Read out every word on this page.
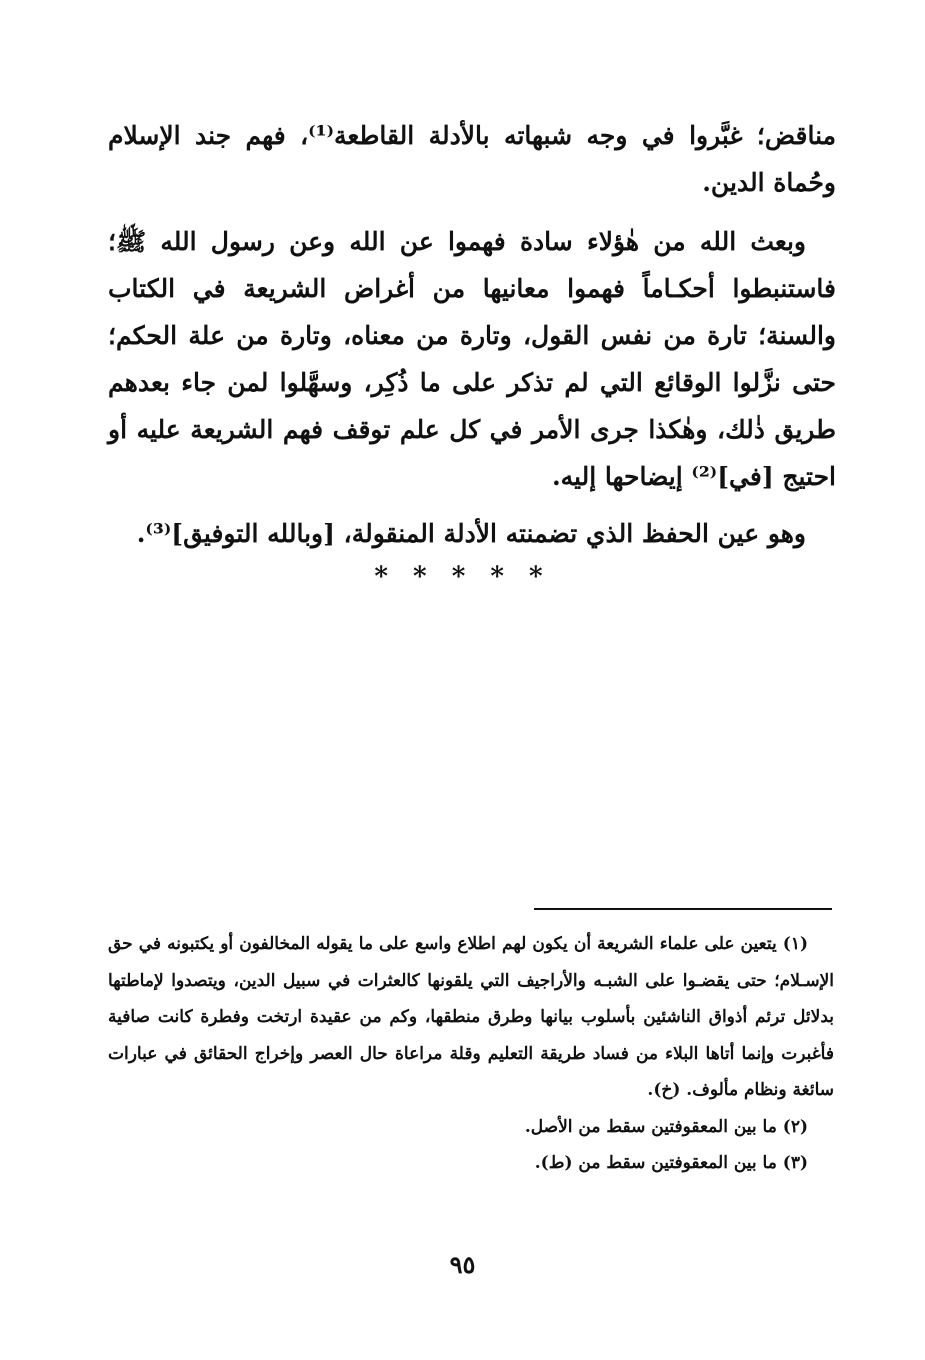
مناقض؛ غبَّروا في وجه شبهاته بالأدلة القاطعة⁽¹⁾، فهم جند الإسلام وحُماة الدين.

وبعث الله من هٰؤلاء سادة فهموا عن الله وعن رسول الله ﷺ؛ فاستنبطوا أحكـاماً فهموا معانيها من أغراض الشريعة في الكتاب والسنة؛ تارة من نفس القول، وتارة من معناه، وتارة من علة الحكم؛ حتى نزَّلوا الوقائع التي لم تذكر على ما ذُكِر، وسهَّلوا لمن جاء بعدهم طريق ذٰلك، وهٰكذا جرى الأمر في كل علم توقف فهم الشريعة عليه أو احتيج [في]⁽²⁾ إيضاحها إليه.

وهو عين الحفظ الذي تضمنته الأدلة المنقولة، [وبالله التوفيق]⁽³⁾.

* * * * *

(١) يتعين على علماء الشريعة أن يكون لهم اطلاع واسع على ما يقوله المخالفون أو يكتبونه في حق الإسـلام؛ حتى يقضـوا على الشبـه والأراجيف التي يلقونها كالعثرات في سبيل الدين، ويتصدوا لإماطتها بدلائل ترئم أذواق الناشئين بأسلوب بيانها وطرق منطقها، وكم من عقيدة ارتخت وفطرة كانت صافية فأغبرت وإنما أتاها البلاء من فساد طريقة التعليم وقلة مراعاة حال العصر وإخراج الحقائق في عبارات سائغة ونظام مألوف. (خ).

(٢) ما بين المعقوفتين سقط من الأصل.

(٣) ما بين المعقوفتين سقط من (ط).

٩٥
